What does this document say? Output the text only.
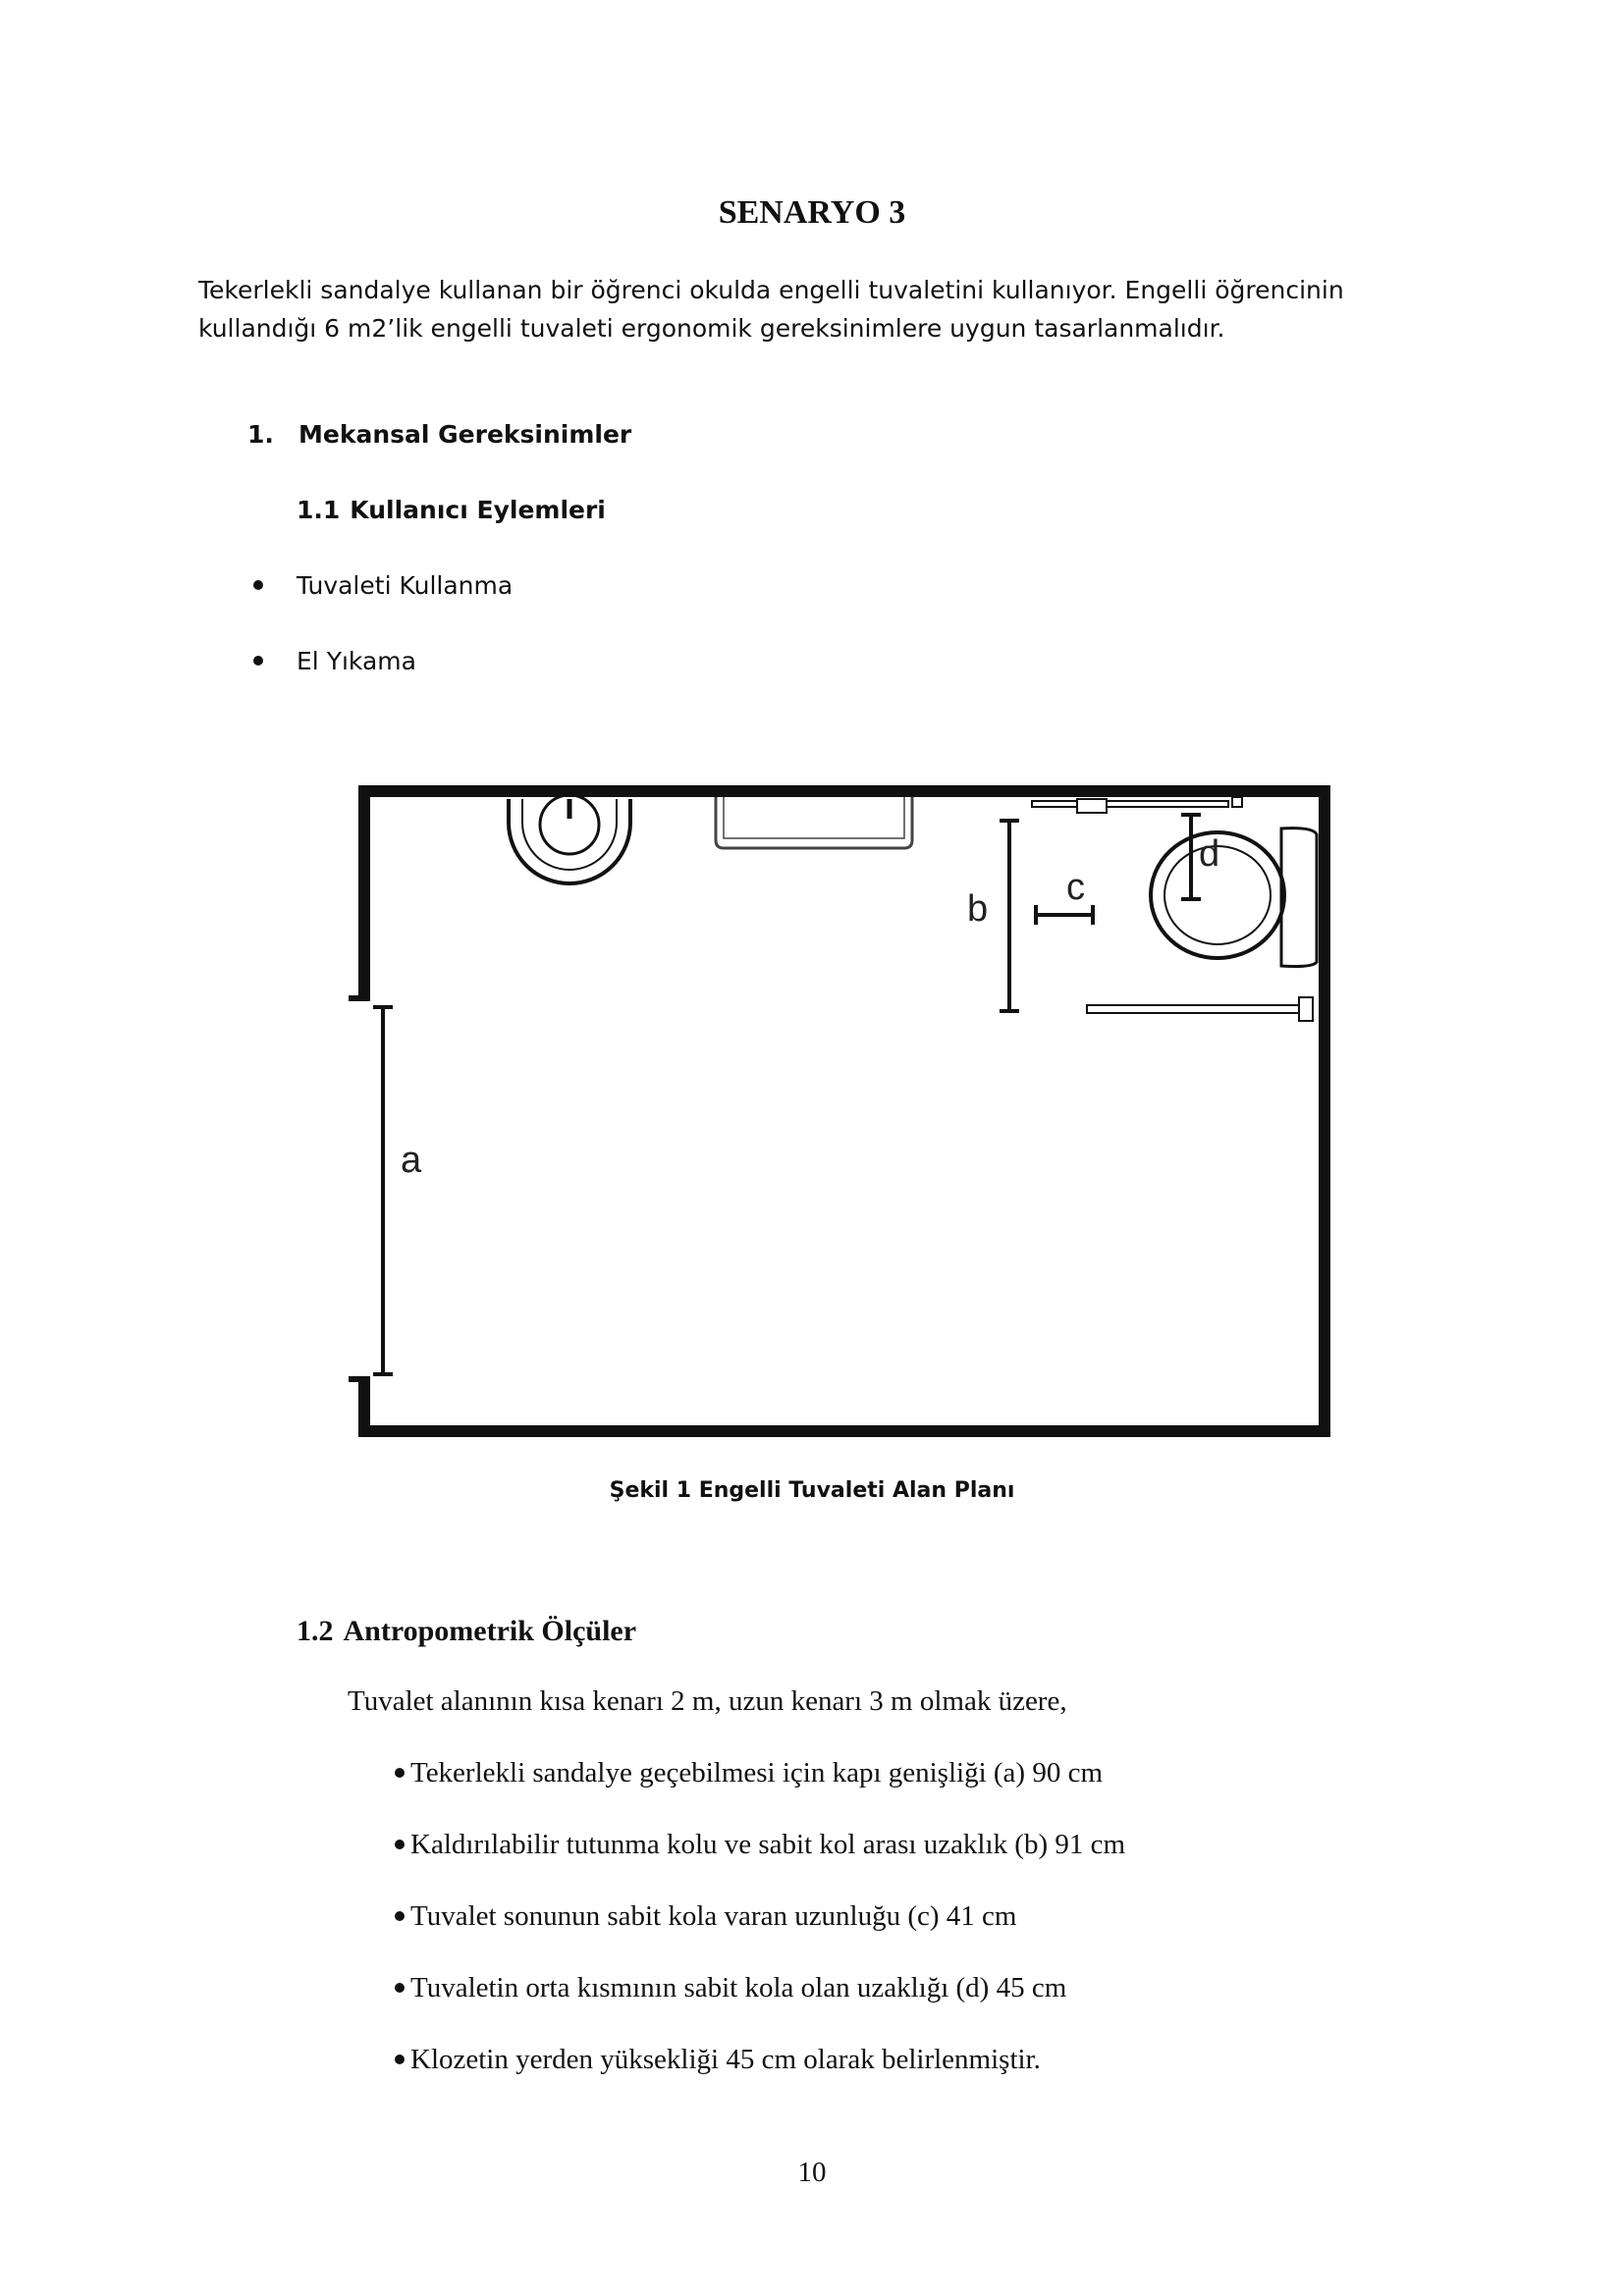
SENARYO 3
Tekerlekli sandalye kullanan bir öğrenci okulda engelli tuvaletini kullanıyor. Engelli öğrencinin
kullandığı 6 m2’lik engelli tuvaleti ergonomik gereksinimlere uygun tasarlanmalıdır.
1. Mekansal Gereksinimler
1.1 Kullanıcı Eylemleri
Tuvaleti Kullanma
El Yıkama
a
b
c
d
Şekil 1 Engelli Tuvaleti Alan Planı
1.2 Antropometrik Ölçüler
Tuvalet alanının kısa kenarı 2 m, uzun kenarı 3 m olmak üzere,
Tekerlekli sandalye geçebilmesi için kapı genişliği (a) 90 cm
Kaldırılabilir tutunma kolu ve sabit kol arası uzaklık (b) 91 cm
Tuvalet sonunun sabit kola varan uzunluğu (c) 41 cm
Tuvaletin orta kısmının sabit kola olan uzaklığı (d) 45 cm
Klozetin yerden yüksekliği 45 cm olarak belirlenmiştir.
10
